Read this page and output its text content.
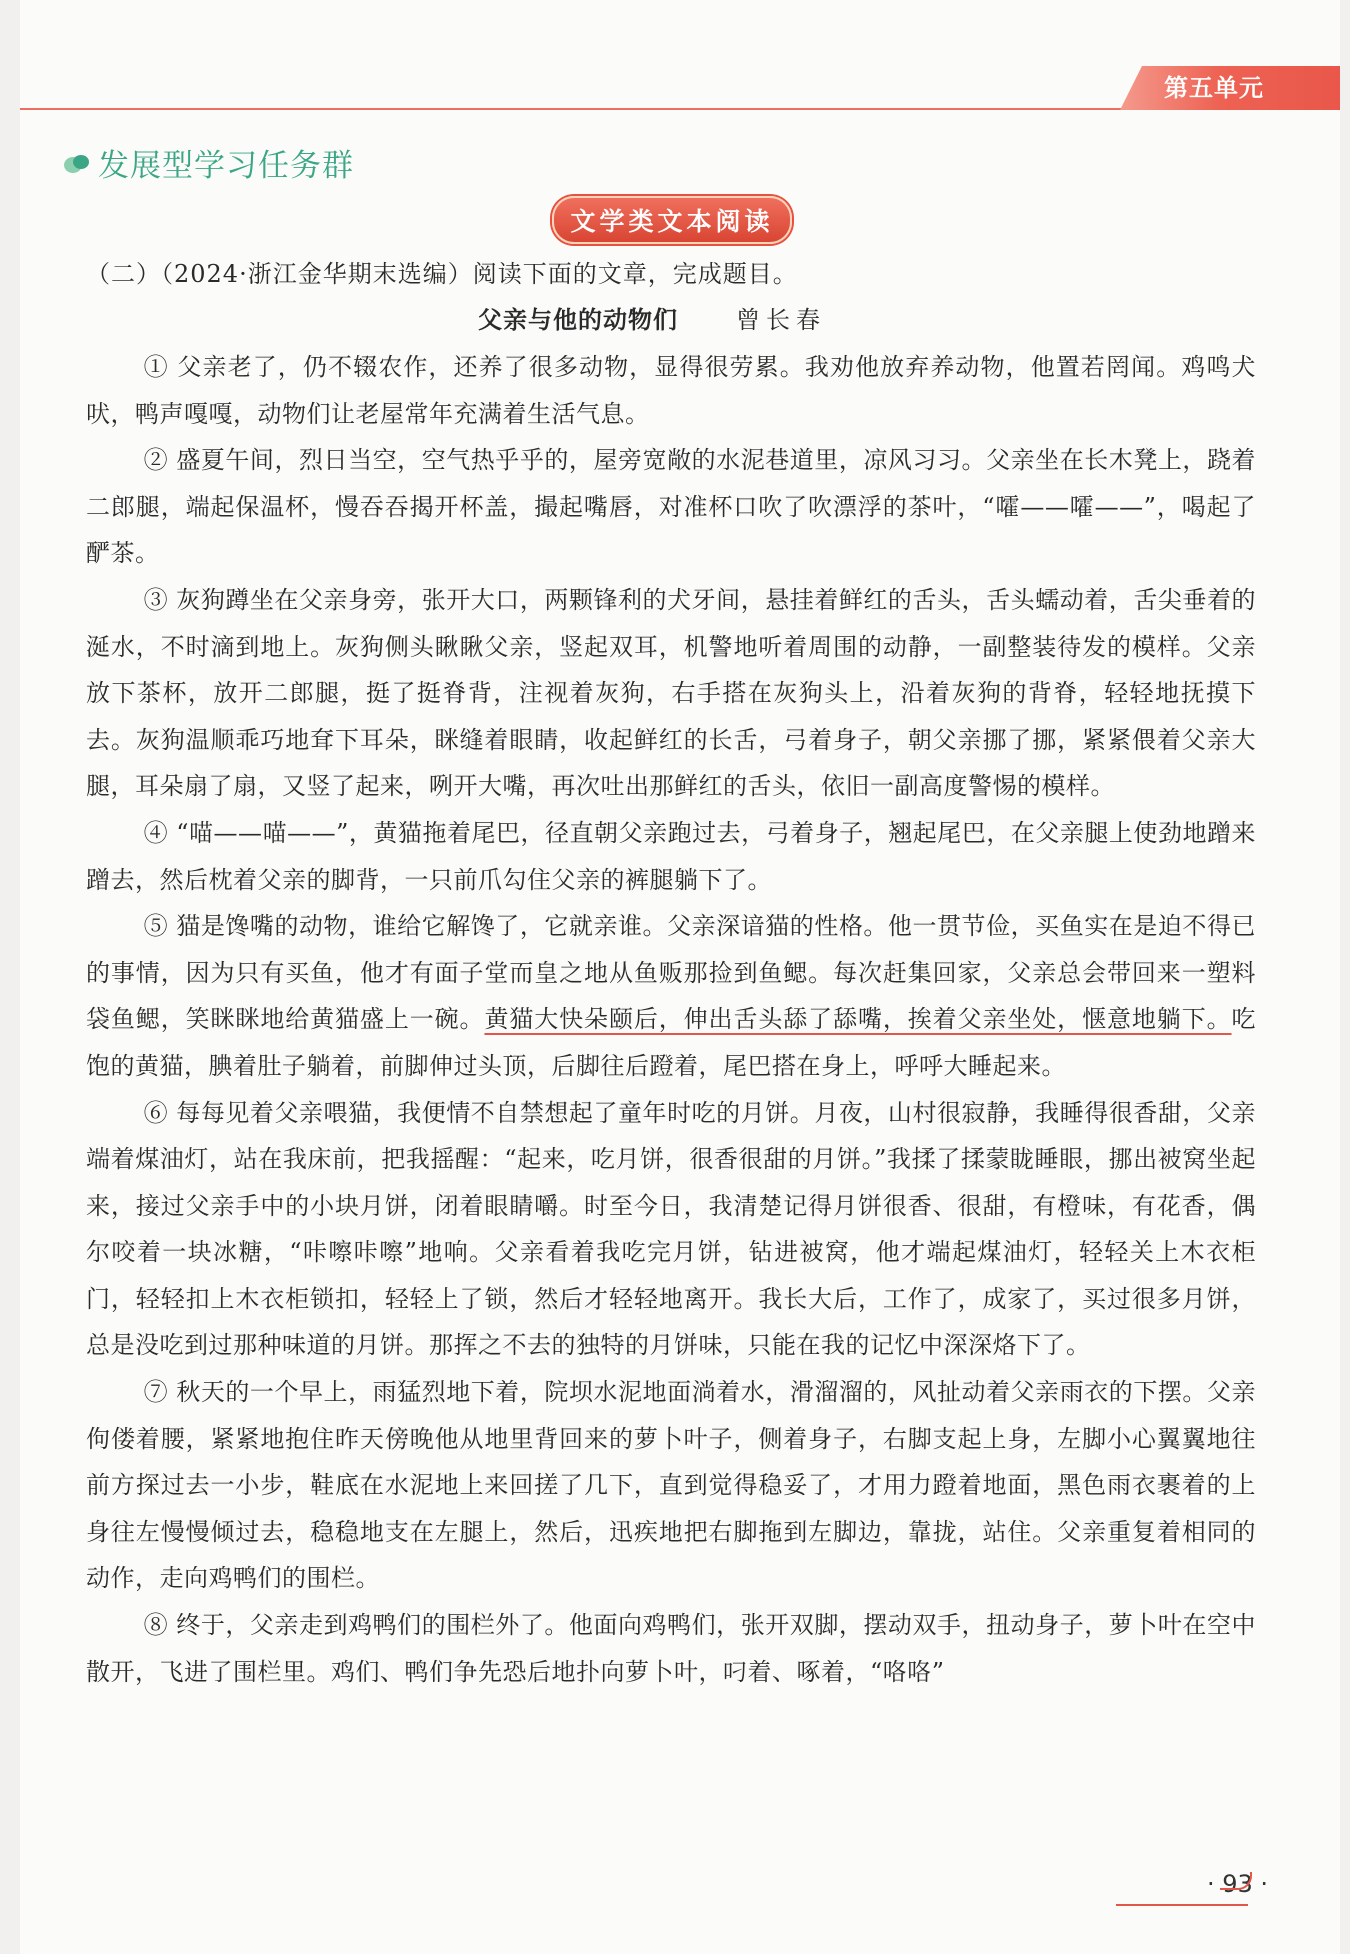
第五单元
发展型学习任务群
文学类文本阅读
（二）（2024·浙江金华期末选编）阅读下面的文章，完成题目。
父亲与他的动物们 曾长春

① 父亲老了，仍不辍农作，还养了很多动物，显得很劳累。我劝他放弃养动物，他置若罔闻。鸡鸣犬吠，鸭声嘎嘎，动物们让老屋常年充满着生活气息。

② 盛夏午间，烈日当空，空气热乎乎的，屋旁宽敞的水泥巷道里，凉风习习。父亲坐在长木凳上，跷着二郎腿，端起保温杯，慢吞吞揭开杯盖，撮起嘴唇，对准杯口吹了吹漂浮的茶叶，“嚯——嚯——”，喝起了酽茶。

③ 灰狗蹲坐在父亲身旁，张开大口，两颗锋利的犬牙间，悬挂着鲜红的舌头，舌头蠕动着，舌尖垂着的涎水，不时滴到地上。灰狗侧头瞅瞅父亲，竖起双耳，机警地听着周围的动静，一副整装待发的模样。父亲放下茶杯，放开二郎腿，挺了挺脊背，注视着灰狗，右手搭在灰狗头上，沿着灰狗的背脊，轻轻地抚摸下去。灰狗温顺乖巧地耷下耳朵，眯缝着眼睛，收起鲜红的长舌，弓着身子，朝父亲挪了挪，紧紧偎着父亲大腿，耳朵扇了扇，又竖了起来，咧开大嘴，再次吐出那鲜红的舌头，依旧一副高度警惕的模样。

④ “喵——喵——”，黄猫拖着尾巴，径直朝父亲跑过去，弓着身子，翘起尾巴，在父亲腿上使劲地蹭来蹭去，然后枕着父亲的脚背，一只前爪勾住父亲的裤腿躺下了。

⑤ 猫是馋嘴的动物，谁给它解馋了，它就亲谁。父亲深谙猫的性格。他一贯节俭，买鱼实在是迫不得已的事情，因为只有买鱼，他才有面子堂而皇之地从鱼贩那捡到鱼鳃。每次赶集回家，父亲总会带回来一塑料袋鱼鳃，笑眯眯地给黄猫盛上一碗。黄猫大快朵颐后，伸出舌头舔了舔嘴，挨着父亲坐处，惬意地躺下。吃饱的黄猫，腆着肚子躺着，前脚伸过头顶，后脚往后蹬着，尾巴搭在身上，呼呼大睡起来。

⑥ 每每见着父亲喂猫，我便情不自禁想起了童年时吃的月饼。月夜，山村很寂静，我睡得很香甜，父亲端着煤油灯，站在我床前，把我摇醒：“起来，吃月饼，很香很甜的月饼。”我揉了揉蒙眬睡眼，挪出被窝坐起来，接过父亲手中的小块月饼，闭着眼睛嚼。时至今日，我清楚记得月饼很香、很甜，有橙味，有花香，偶尔咬着一块冰糖，“咔嚓咔嚓”地响。父亲看着我吃完月饼，钻进被窝，他才端起煤油灯，轻轻关上木衣柜门，轻轻扣上木衣柜锁扣，轻轻上了锁，然后才轻轻地离开。我长大后，工作了，成家了，买过很多月饼，总是没吃到过那种味道的月饼。那挥之不去的独特的月饼味，只能在我的记忆中深深烙下了。

⑦ 秋天的一个早上，雨猛烈地下着，院坝水泥地面淌着水，滑溜溜的，风扯动着父亲雨衣的下摆。父亲佝偻着腰，紧紧地抱住昨天傍晚他从地里背回来的萝卜叶子，侧着身子，右脚支起上身，左脚小心翼翼地往前方探过去一小步，鞋底在水泥地上来回搓了几下，直到觉得稳妥了，才用力蹬着地面，黑色雨衣裹着的上身往左慢慢倾过去，稳稳地支在左腿上，然后，迅疾地把右脚拖到左脚边，靠拢，站住。父亲重复着相同的动作，走向鸡鸭们的围栏。

⑧ 终于，父亲走到鸡鸭们的围栏外了。他面向鸡鸭们，张开双脚，摆动双手，扭动身子，萝卜叶在空中散开，飞进了围栏里。鸡们、鸭们争先恐后地扑向萝卜叶，叼着、啄着，“咯咯”

· 93 ·
